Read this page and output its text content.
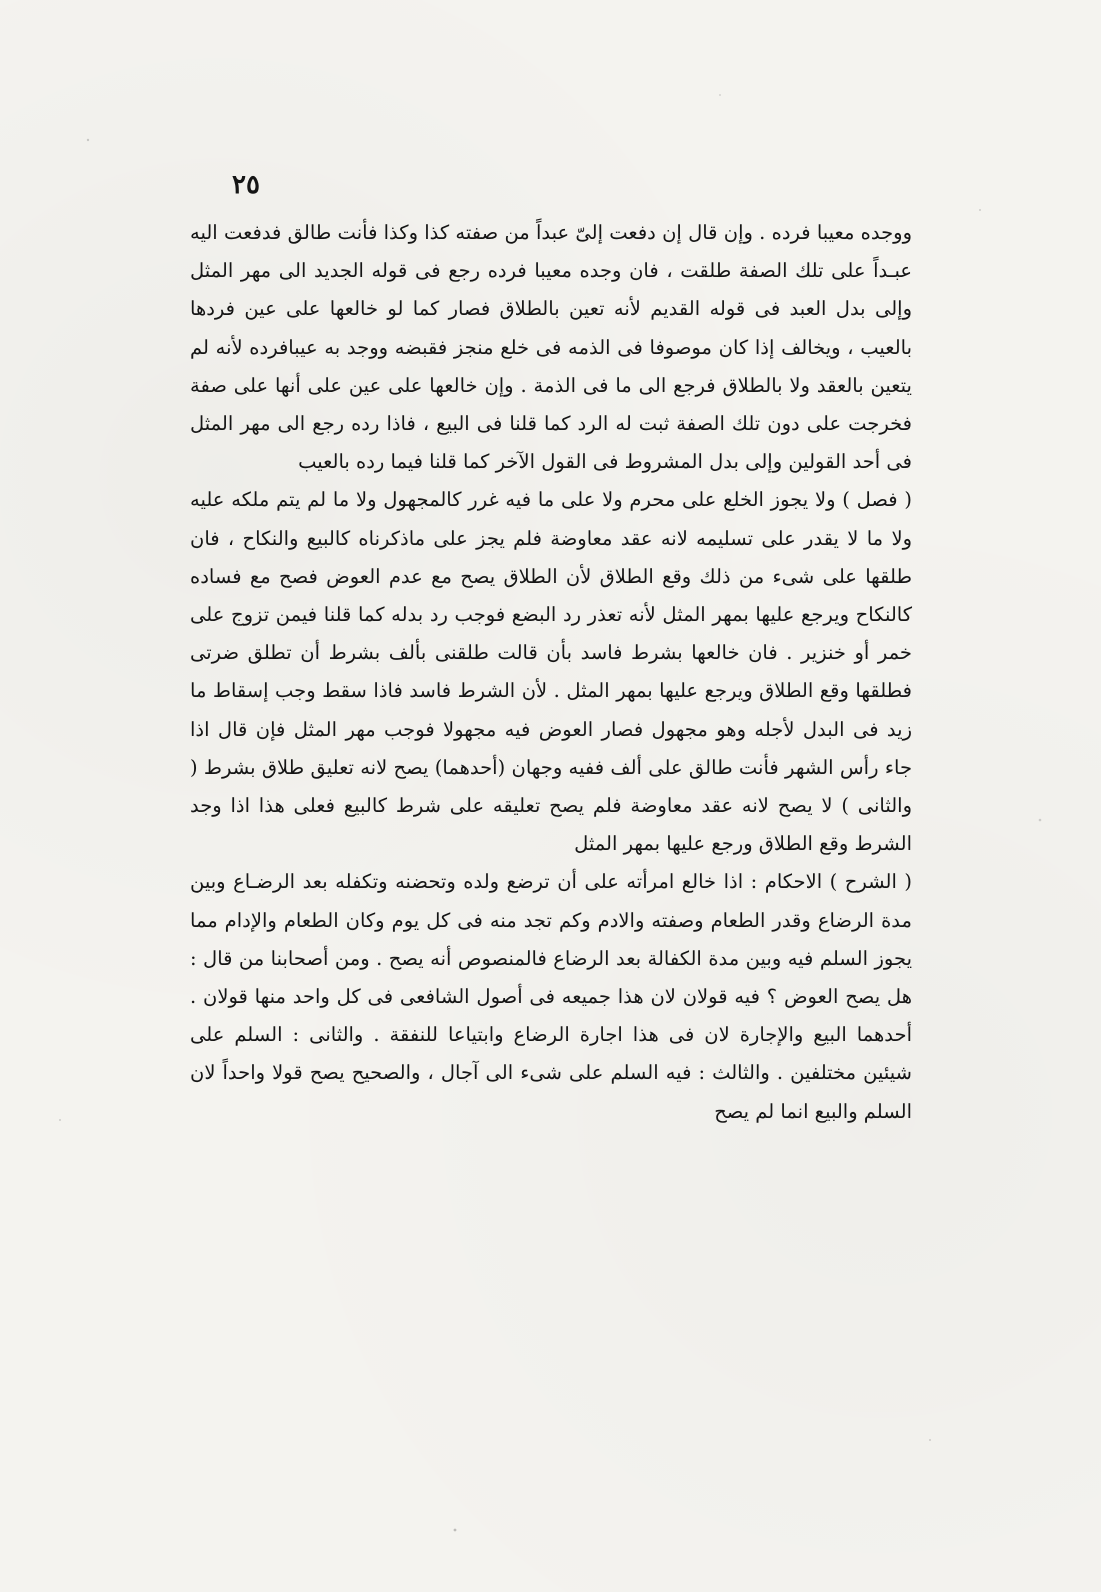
٢٥

ووجده معيبا فرده . وإن قال إن دفعت إلىّ عبداً من صفته كذا وكذا فأنت طالق فدفعت اليه عبـداً على تلك الصفة طلقت ، فان وجده معيبا فرده رجع فى قوله الجديد الى مهر المثل وإلى بدل العبد فى قوله القديم لأنه تعين بالطلاق فصار كما لو خالعها على عين فردها بالعيب ، ويخالف إذا كان موصوفا فى الذمه فى خلع منجز فقبضه ووجد به عيبافرده لأنه لم يتعين بالعقد ولا بالطلاق فرجع الى ما فى الذمة . وإن خالعها على عين على أنها على صفة فخرجت على دون تلك الصفة ثبت له الرد كما قلنا فى البيع ، فاذا رده رجع الى مهر المثل فى أحد القولين وإلى بدل المشروط فى القول الآخر كما قلنا فيما رده بالعيب

( فصل ) ولا يجوز الخلع على محرم ولا على ما فيه غرر كالمجهول ولا ما لم يتم ملكه عليه ولا ما لا يقدر على تسليمه لانه عقد معاوضة فلم يجز على ماذكرناه كالبيع والنكاح ، فان طلقها على شىء من ذلك وقع الطلاق لأن الطلاق يصح مع عدم العوض فصح مع فساده كالنكاح ويرجع عليها بمهر المثل لأنه تعذر رد البضع فوجب رد بدله كما قلنا فيمن تزوج على خمر أو خنزير . فان خالعها بشرط فاسد بأن قالت طلقنى بألف بشرط أن تطلق ضرتى فطلقها وقع الطلاق ويرجع عليها بمهر المثل . لأن الشرط فاسد فاذا سقط وجب إسقاط ما زيد فى البدل لأجله وهو مجهول فصار العوض فيه مجهولا فوجب مهر المثل فإن قال اذا جاء رأس الشهر فأنت طالق على ألف ففيه وجهان (أحدهما) يصح لانه تعليق طلاق بشرط ( والثانى ) لا يصح لانه عقد معاوضة فلم يصح تعليقه على شرط كالبيع فعلى هذا اذا وجد الشرط وقع الطلاق ورجع عليها بمهر المثل

( الشرح ) الاحكام : اذا خالع امرأته على أن ترضع ولده وتحضنه وتكفله بعد الرضـاع وبين مدة الرضاع وقدر الطعام وصفته والادم وكم تجد منه فى كل يوم وكان الطعام والإدام مما يجوز السلم فيه وبين مدة الكفالة بعد الرضاع فالمنصوص أنه يصح . ومن أصحابنا من قال : هل يصح العوض ؟ فيه قولان لان هذا جميعه فى أصول الشافعى فى كل واحد منها قولان . أحدهما البيع والإجارة لان فى هذا اجارة الرضاع وابتياعا للنفقة . والثانى : السلم على شيئين مختلفين . والثالث : فيه السلم على شىء الى آجال ، والصحيح يصح قولا واحداً لان السلم والبيع انما لم يصح
